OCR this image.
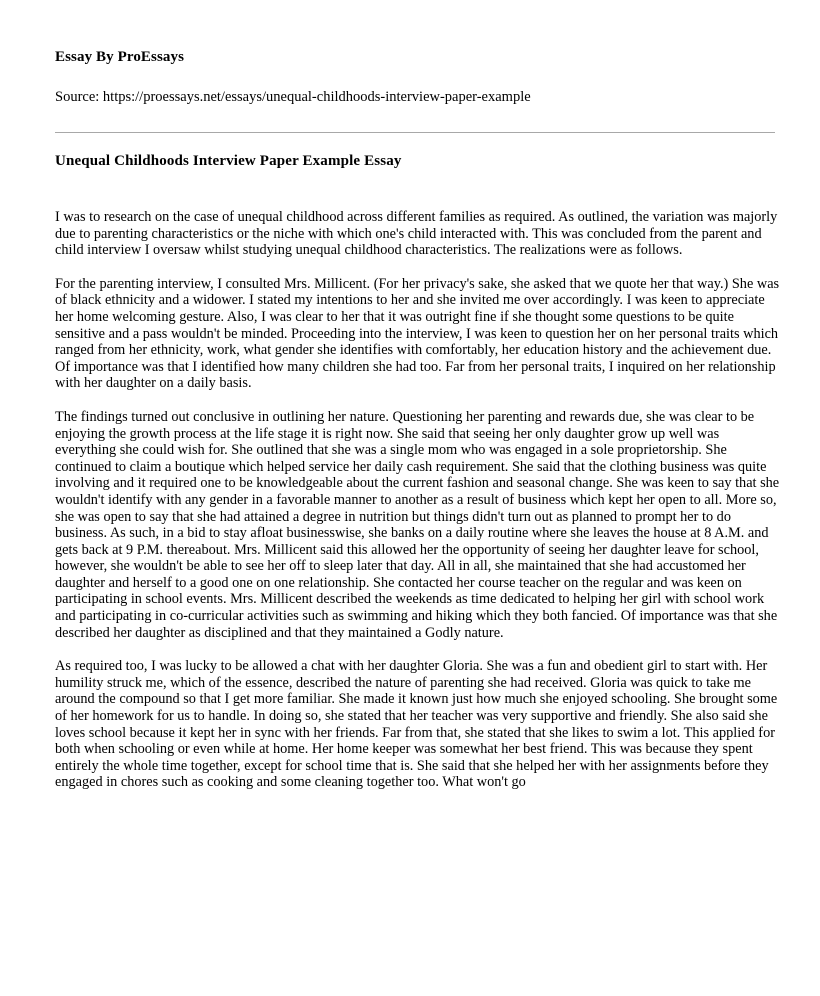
Essay By ProEssays
Source: https://proessays.net/essays/unequal-childhoods-interview-paper-example
Unequal Childhoods Interview Paper Example Essay

I was to research on the case of unequal childhood across different families as required. As outlined, the variation was majorly due to parenting characteristics or the niche with which one's child interacted with. This was concluded from the parent and child interview I oversaw whilst studying unequal childhood characteristics. The realizations were as follows.

For the parenting interview, I consulted Mrs. Millicent. (For her privacy's sake, she asked that we quote her that way.) She was of black ethnicity and a widower. I stated my intentions to her and she invited me over accordingly. I was keen to appreciate her home welcoming gesture. Also, I was clear to her that it was outright fine if she thought some questions to be quite sensitive and a pass wouldn't be minded. Proceeding into the interview, I was keen to question her on her personal traits which ranged from her ethnicity, work, what gender she identifies with comfortably, her education history and the achievement due. Of importance was that I identified how many children she had too. Far from her personal traits, I inquired on her relationship with her daughter on a daily basis.

The findings turned out conclusive in outlining her nature. Questioning her parenting and rewards due, she was clear to be enjoying the growth process at the life stage it is right now. She said that seeing her only daughter grow up well was everything she could wish for. She outlined that she was a single mom who was engaged in a sole proprietorship. She continued to claim a boutique which helped service her daily cash requirement. She said that the clothing business was quite involving and it required one to be knowledgeable about the current fashion and seasonal change. She was keen to say that she wouldn't identify with any gender in a favorable manner to another as a result of business which kept her open to all. More so, she was open to say that she had attained a degree in nutrition but things didn't turn out as planned to prompt her to do business. As such, in a bid to stay afloat businesswise, she banks on a daily routine where she leaves the house at 8 A.M. and gets back at 9 P.M. thereabout. Mrs. Millicent said this allowed her the opportunity of seeing her daughter leave for school, however, she wouldn't be able to see her off to sleep later that day. All in all, she maintained that she had accustomed her daughter and herself to a good one on one relationship. She contacted her course teacher on the regular and was keen on participating in school events. Mrs. Millicent described the weekends as time dedicated to helping her girl with school work and participating in co-curricular activities such as swimming and hiking which they both fancied. Of importance was that she described her daughter as disciplined and that they maintained a Godly nature.

As required too, I was lucky to be allowed a chat with her daughter Gloria. She was a fun and obedient girl to start with. Her humility struck me, which of the essence, described the nature of parenting she had received. Gloria was quick to take me around the compound so that I get more familiar. She made it known just how much she enjoyed schooling. She brought some of her homework for us to handle. In doing so, she stated that her teacher was very supportive and friendly. She also said she loves school because it kept her in sync with her friends. Far from that, she stated that she likes to swim a lot. This applied for both when schooling or even while at home. Her home keeper was somewhat her best friend. This was because they spent entirely the whole time together, except for school time that is. She said that she helped her with her assignments before they engaged in chores such as cooking and some cleaning together too. What won't go
